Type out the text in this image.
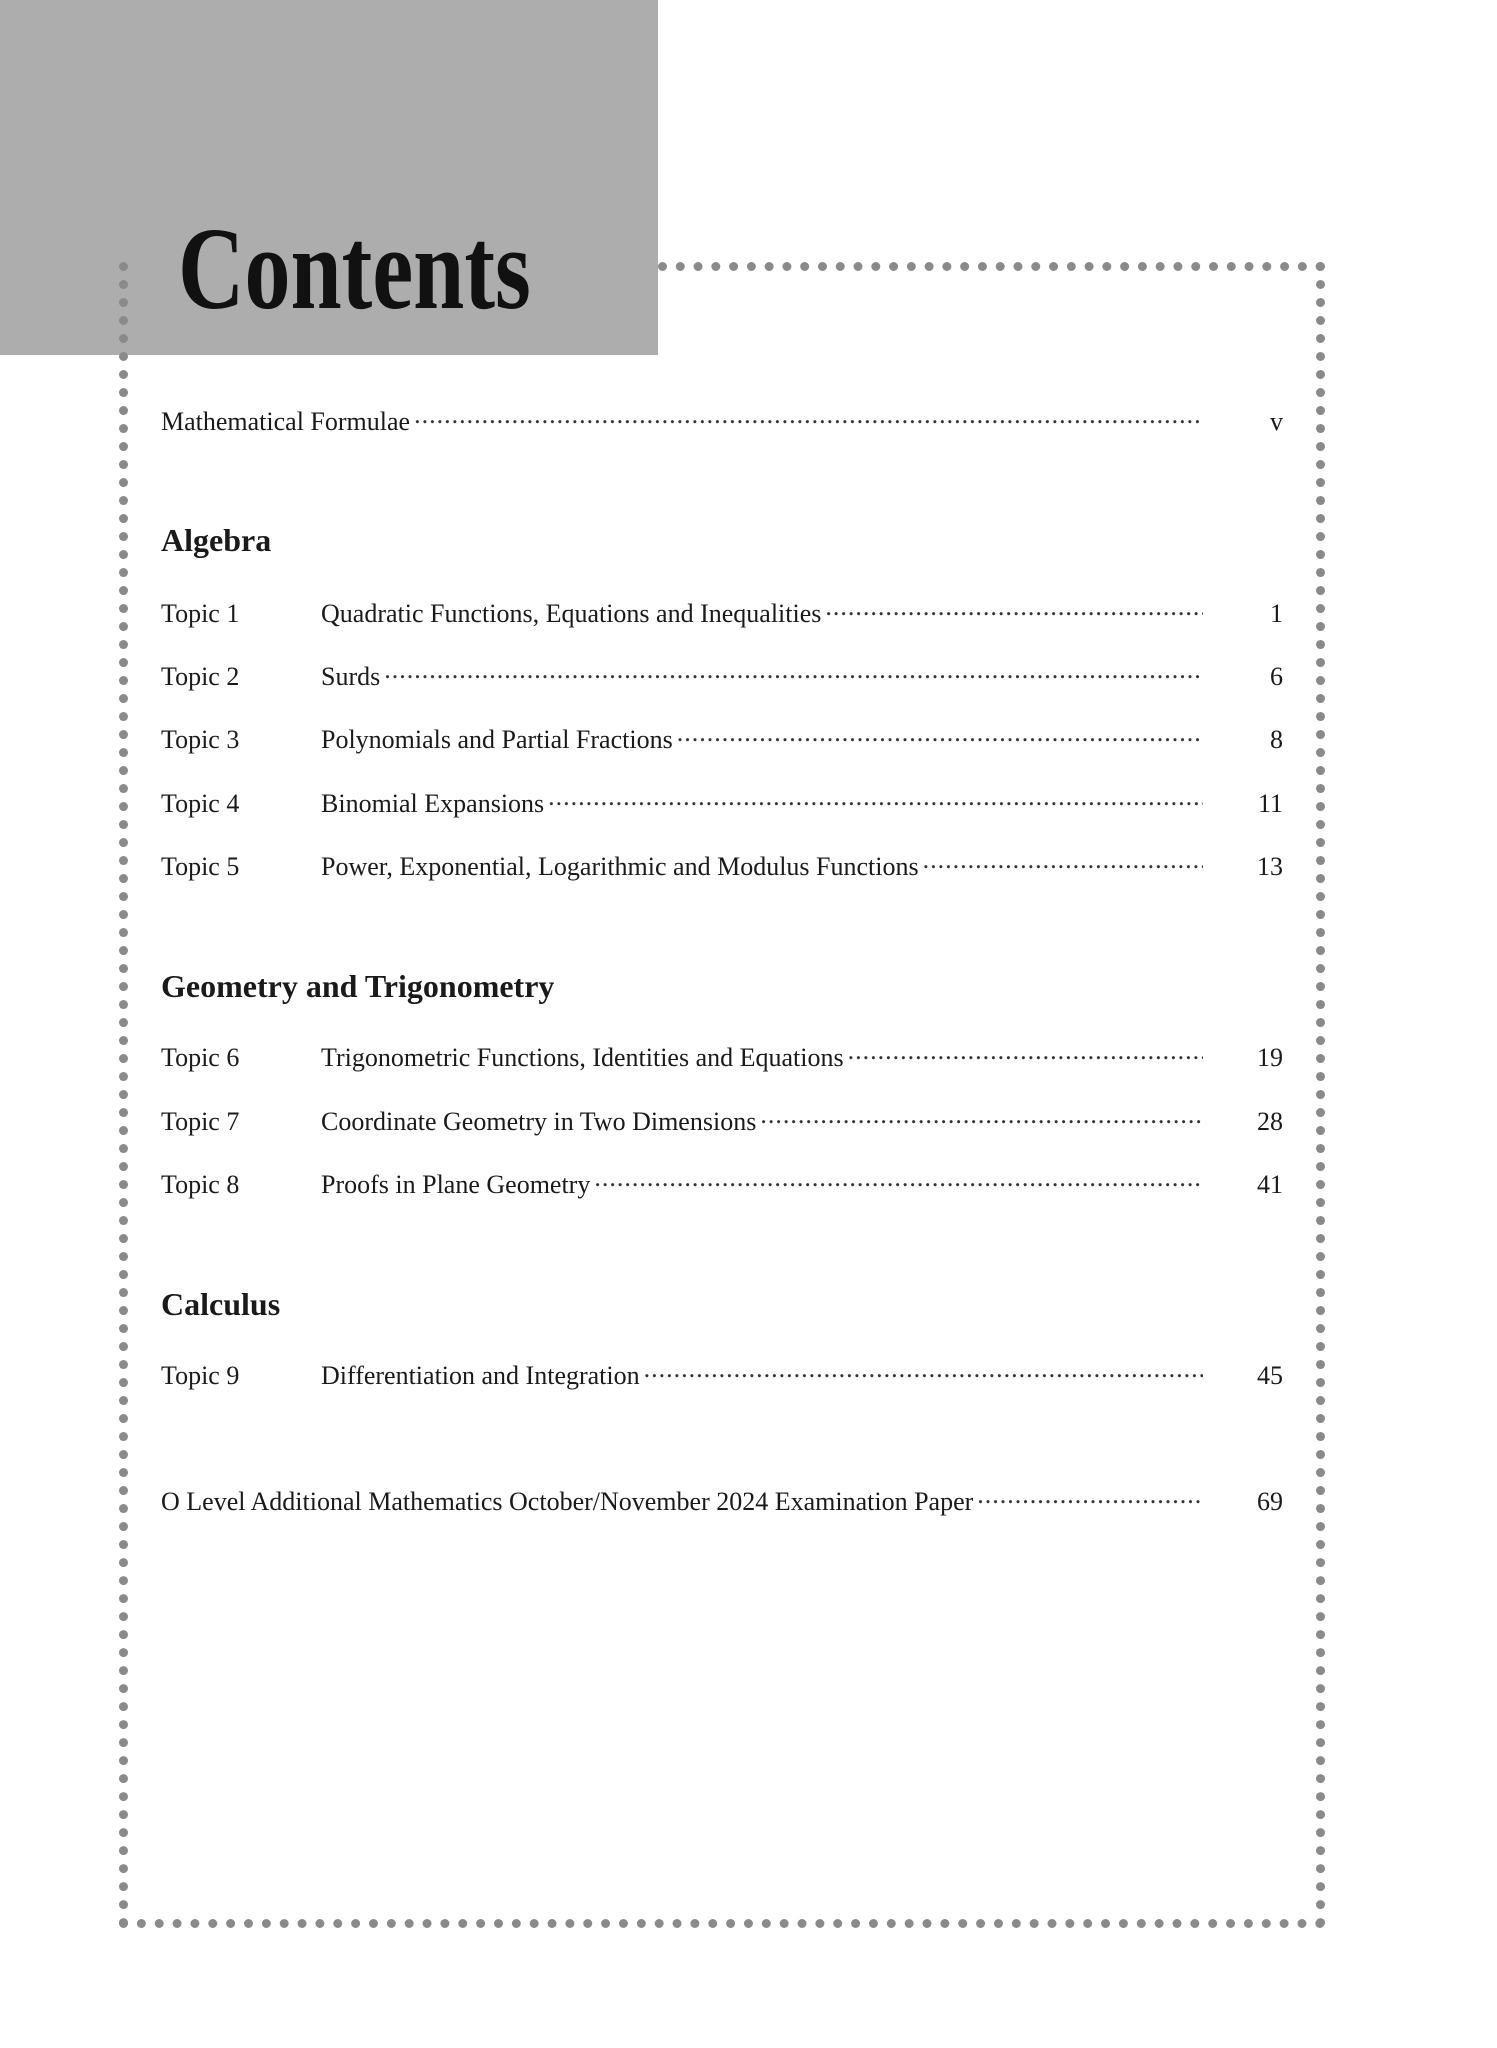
Contents
Mathematical Formulae .....	v
Algebra
Topic 1	Quadratic Functions, Equations and Inequalities .....	1
Topic 2	Surds .....	6
Topic 3	Polynomials and Partial Fractions .....	8
Topic 4	Binomial Expansions .....	11
Topic 5	Power, Exponential, Logarithmic and Modulus Functions .....	13
Geometry and Trigonometry
Topic 6	Trigonometric Functions, Identities and Equations .....	19
Topic 7	Coordinate Geometry in Two Dimensions .....	28
Topic 8	Proofs in Plane Geometry .....	41
Calculus
Topic 9	Differentiation and Integration .....	45
O Level Additional Mathematics October/November 2024 Examination Paper .....	69
